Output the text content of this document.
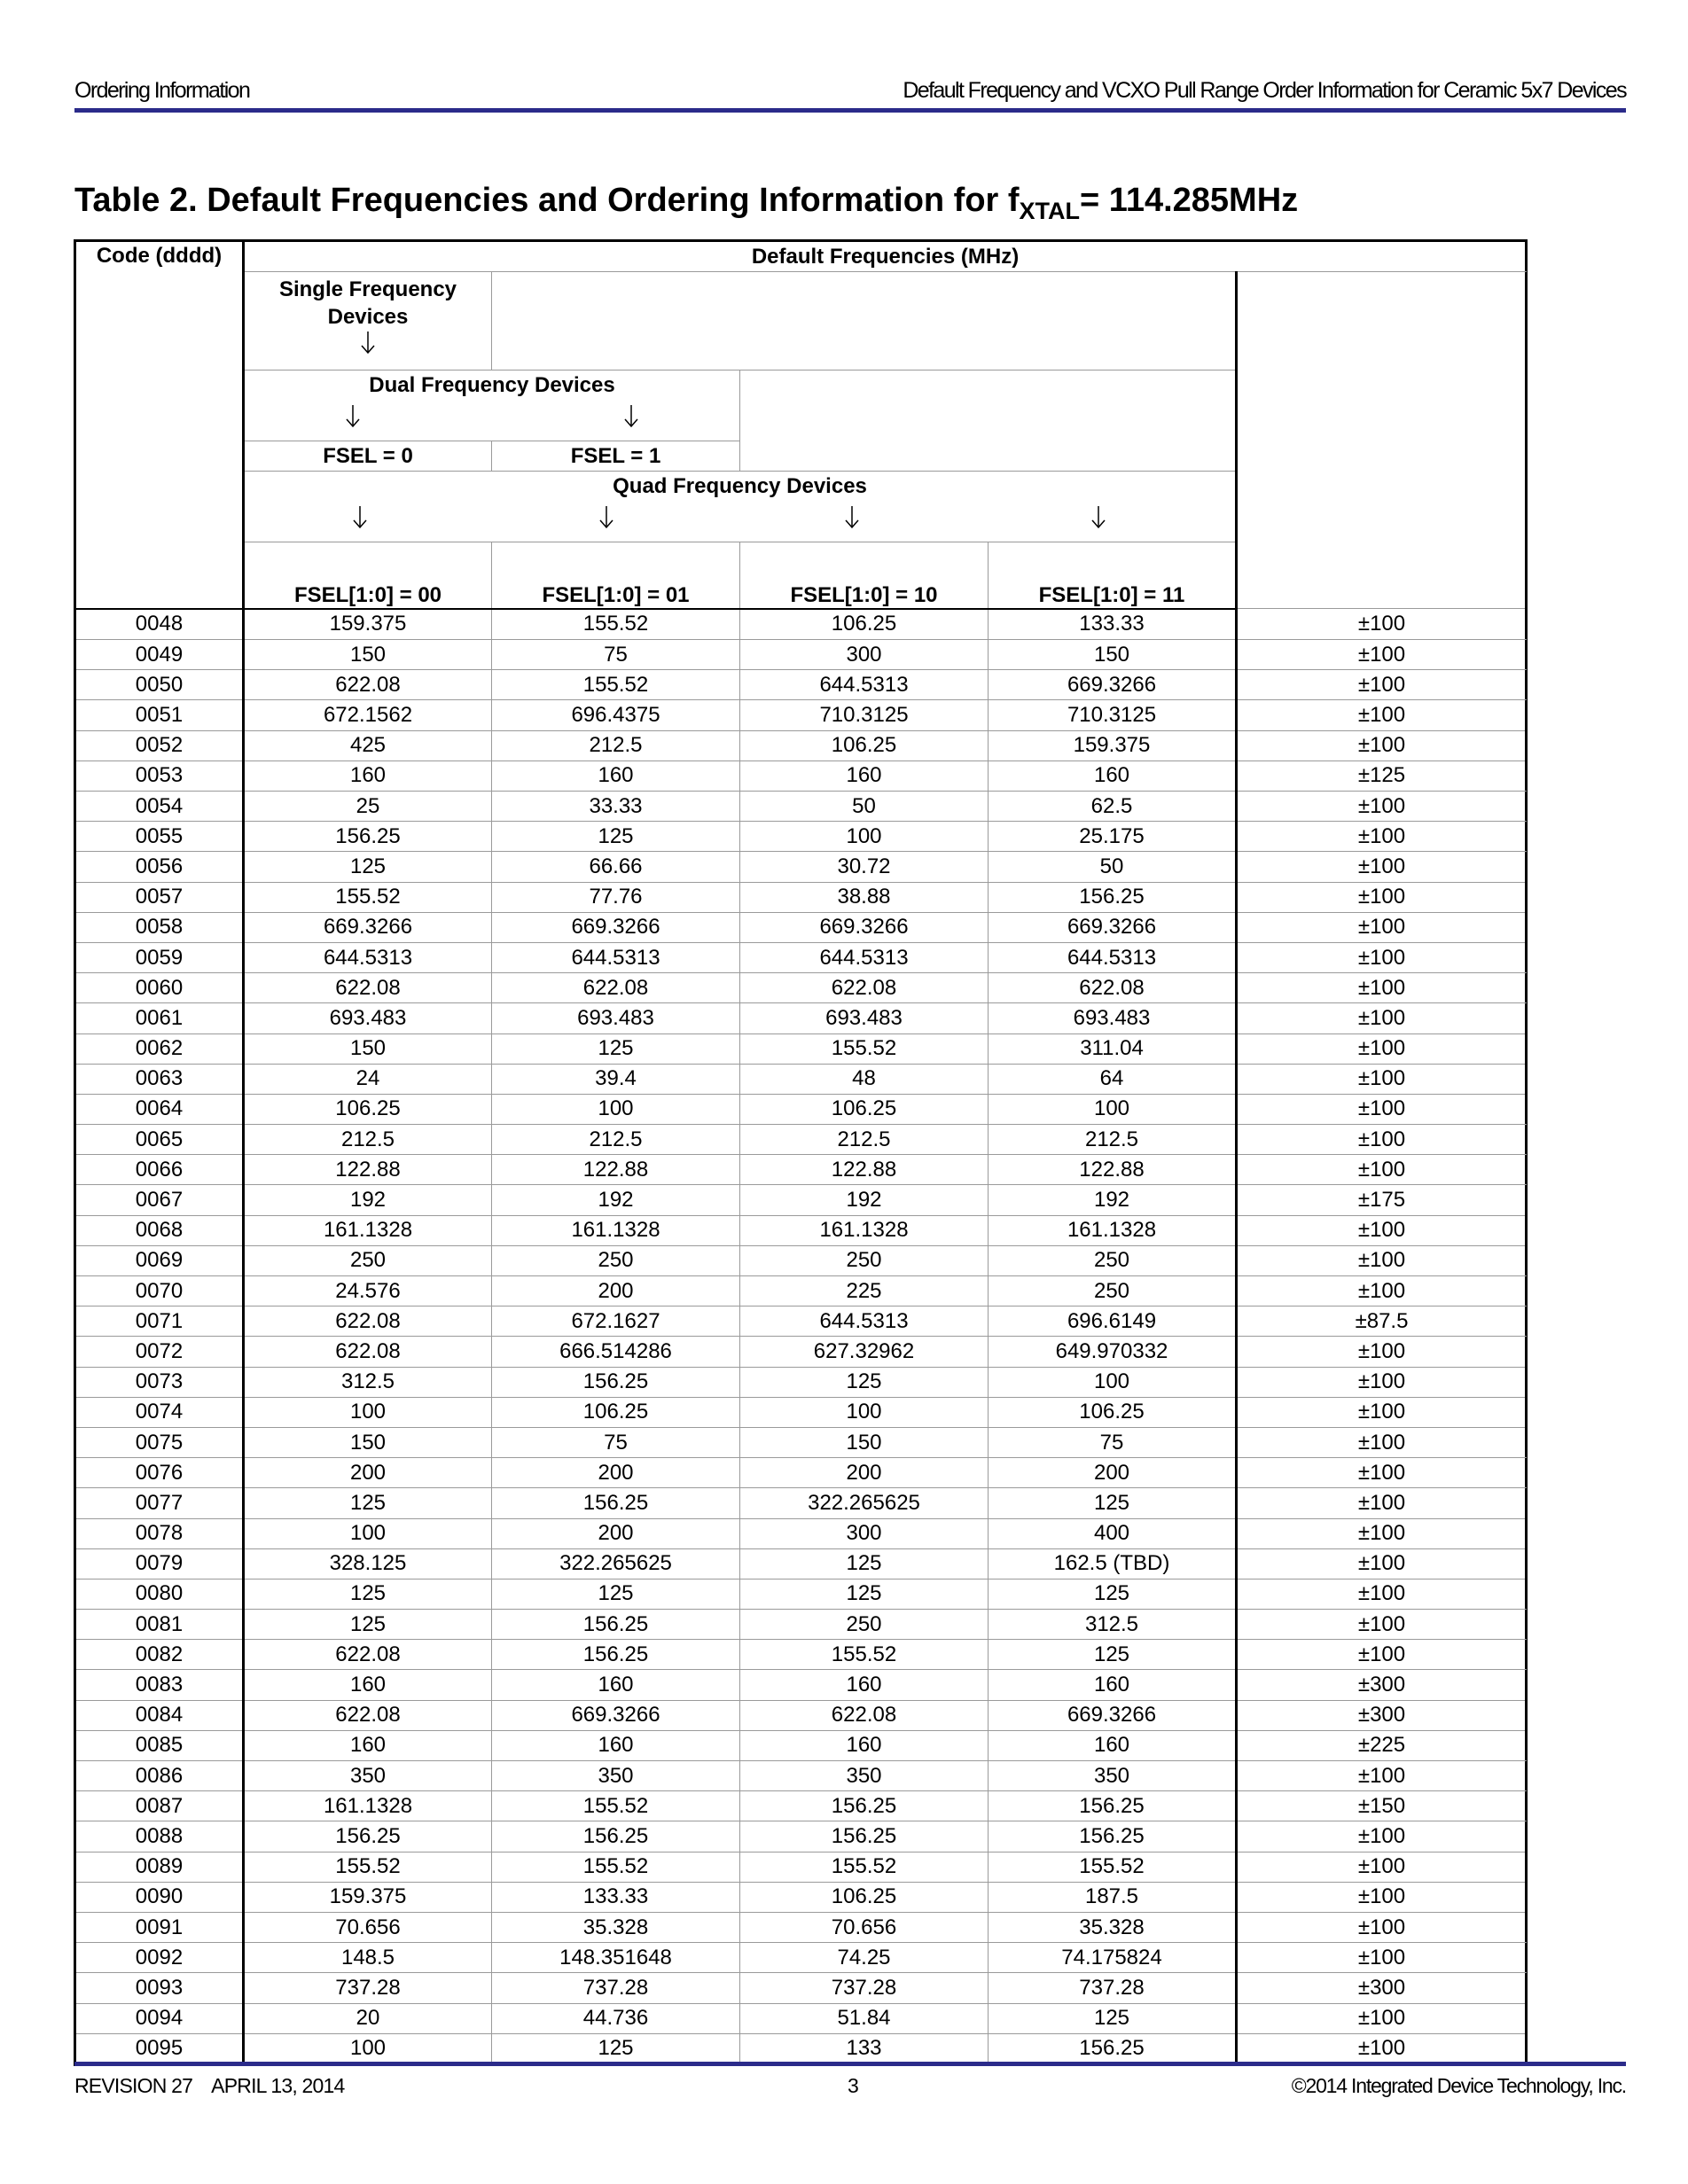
Ordering Information	Default Frequency and VCXO Pull Range Order Information for Ceramic 5x7 Devices
Table 2. Default Frequencies and Ordering Information for $f_{XTAL}= 114.285MHz$
Code (dddd)	Default Frequencies (MHz)					

	Single Frequency Devices					

	Dual Frequency Devices					

	FSEL = 0	FSEL = 1				

	Quad Frequency Devices					

	FSEL[1:0] = 00	FSEL[1:0] = 01	FSEL[1:0] = 10	FSEL[1:0] = 11	
0048	159.375	155.52	106.25	133.33	±100	
0049	150	75	300	150	±100	
0050	622.08	155.52	644.5313	669.3266	±100	
0051	672.1562	696.4375	710.3125	710.3125	±100	
0052	425	212.5	106.25	159.375	±100	
0053	160	160	160	160	±125	
0054	25	33.33	50	62.5	±100	
0055	156.25	125	100	25.175	±100	
0056	125	66.66	30.72	50	±100	
0057	155.52	77.76	38.88	156.25	±100	
0058	669.3266	669.3266	669.3266	669.3266	±100	
0059	644.5313	644.5313	644.5313	644.5313	±100	
0060	622.08	622.08	622.08	622.08	±100	
0061	693.483	693.483	693.483	693.483	±100	
0062	150	125	155.52	311.04	±100	
0063	24	39.4	48	64	±100	
0064	106.25	100	106.25	100	±100	
0065	212.5	212.5	212.5	212.5	±100	
0066	122.88	122.88	122.88	122.88	±100	
0067	192	192	192	192	±175	
0068	161.1328	161.1328	161.1328	161.1328	±100	
0069	250	250	250	250	±100	
0070	24.576	200	225	250	±100	
0071	622.08	672.1627	644.5313	696.6149	±87.5	
0072	622.08	666.514286	627.32962	649.970332	±100	
0073	312.5	156.25	125	100	±100	
0074	100	106.25	100	106.25	±100	
0075	150	75	150	75	±100	
0076	200	200	200	200	±100	
0077	125	156.25	322.265625	125	±100	
0078	100	200	300	400	±100	
0079	328.125	322.265625	125	162.5 (TBD)	±100	
0080	125	125	125	125	±100	
0081	125	156.25	250	312.5	±100	
0082	622.08	156.25	155.52	125	±100	
0083	160	160	160	160	±300	
0084	622.08	669.3266	622.08	669.3266	±300	
0085	160	160	160	160	±225	
0086	350	350	350	350	±100	
0087	161.1328	155.52	156.25	156.25	±150	
0088	156.25	156.25	156.25	156.25	±100	
0089	155.52	155.52	155.52	155.52	±100	
0090	159.375	133.33	106.25	187.5	±100	
0091	70.656	35.328	70.656	35.328	±100	
0092	148.5	148.351648	74.25	74.175824	±100	
0093	737.28	737.28	737.28	737.28	±300	
0094	20	44.736	51.84	125	±100	
0095	100	125	133	156.25	±100	
REVISION 27    APRIL 13, 2014	3	©2014 Integrated Device Technology, Inc.
